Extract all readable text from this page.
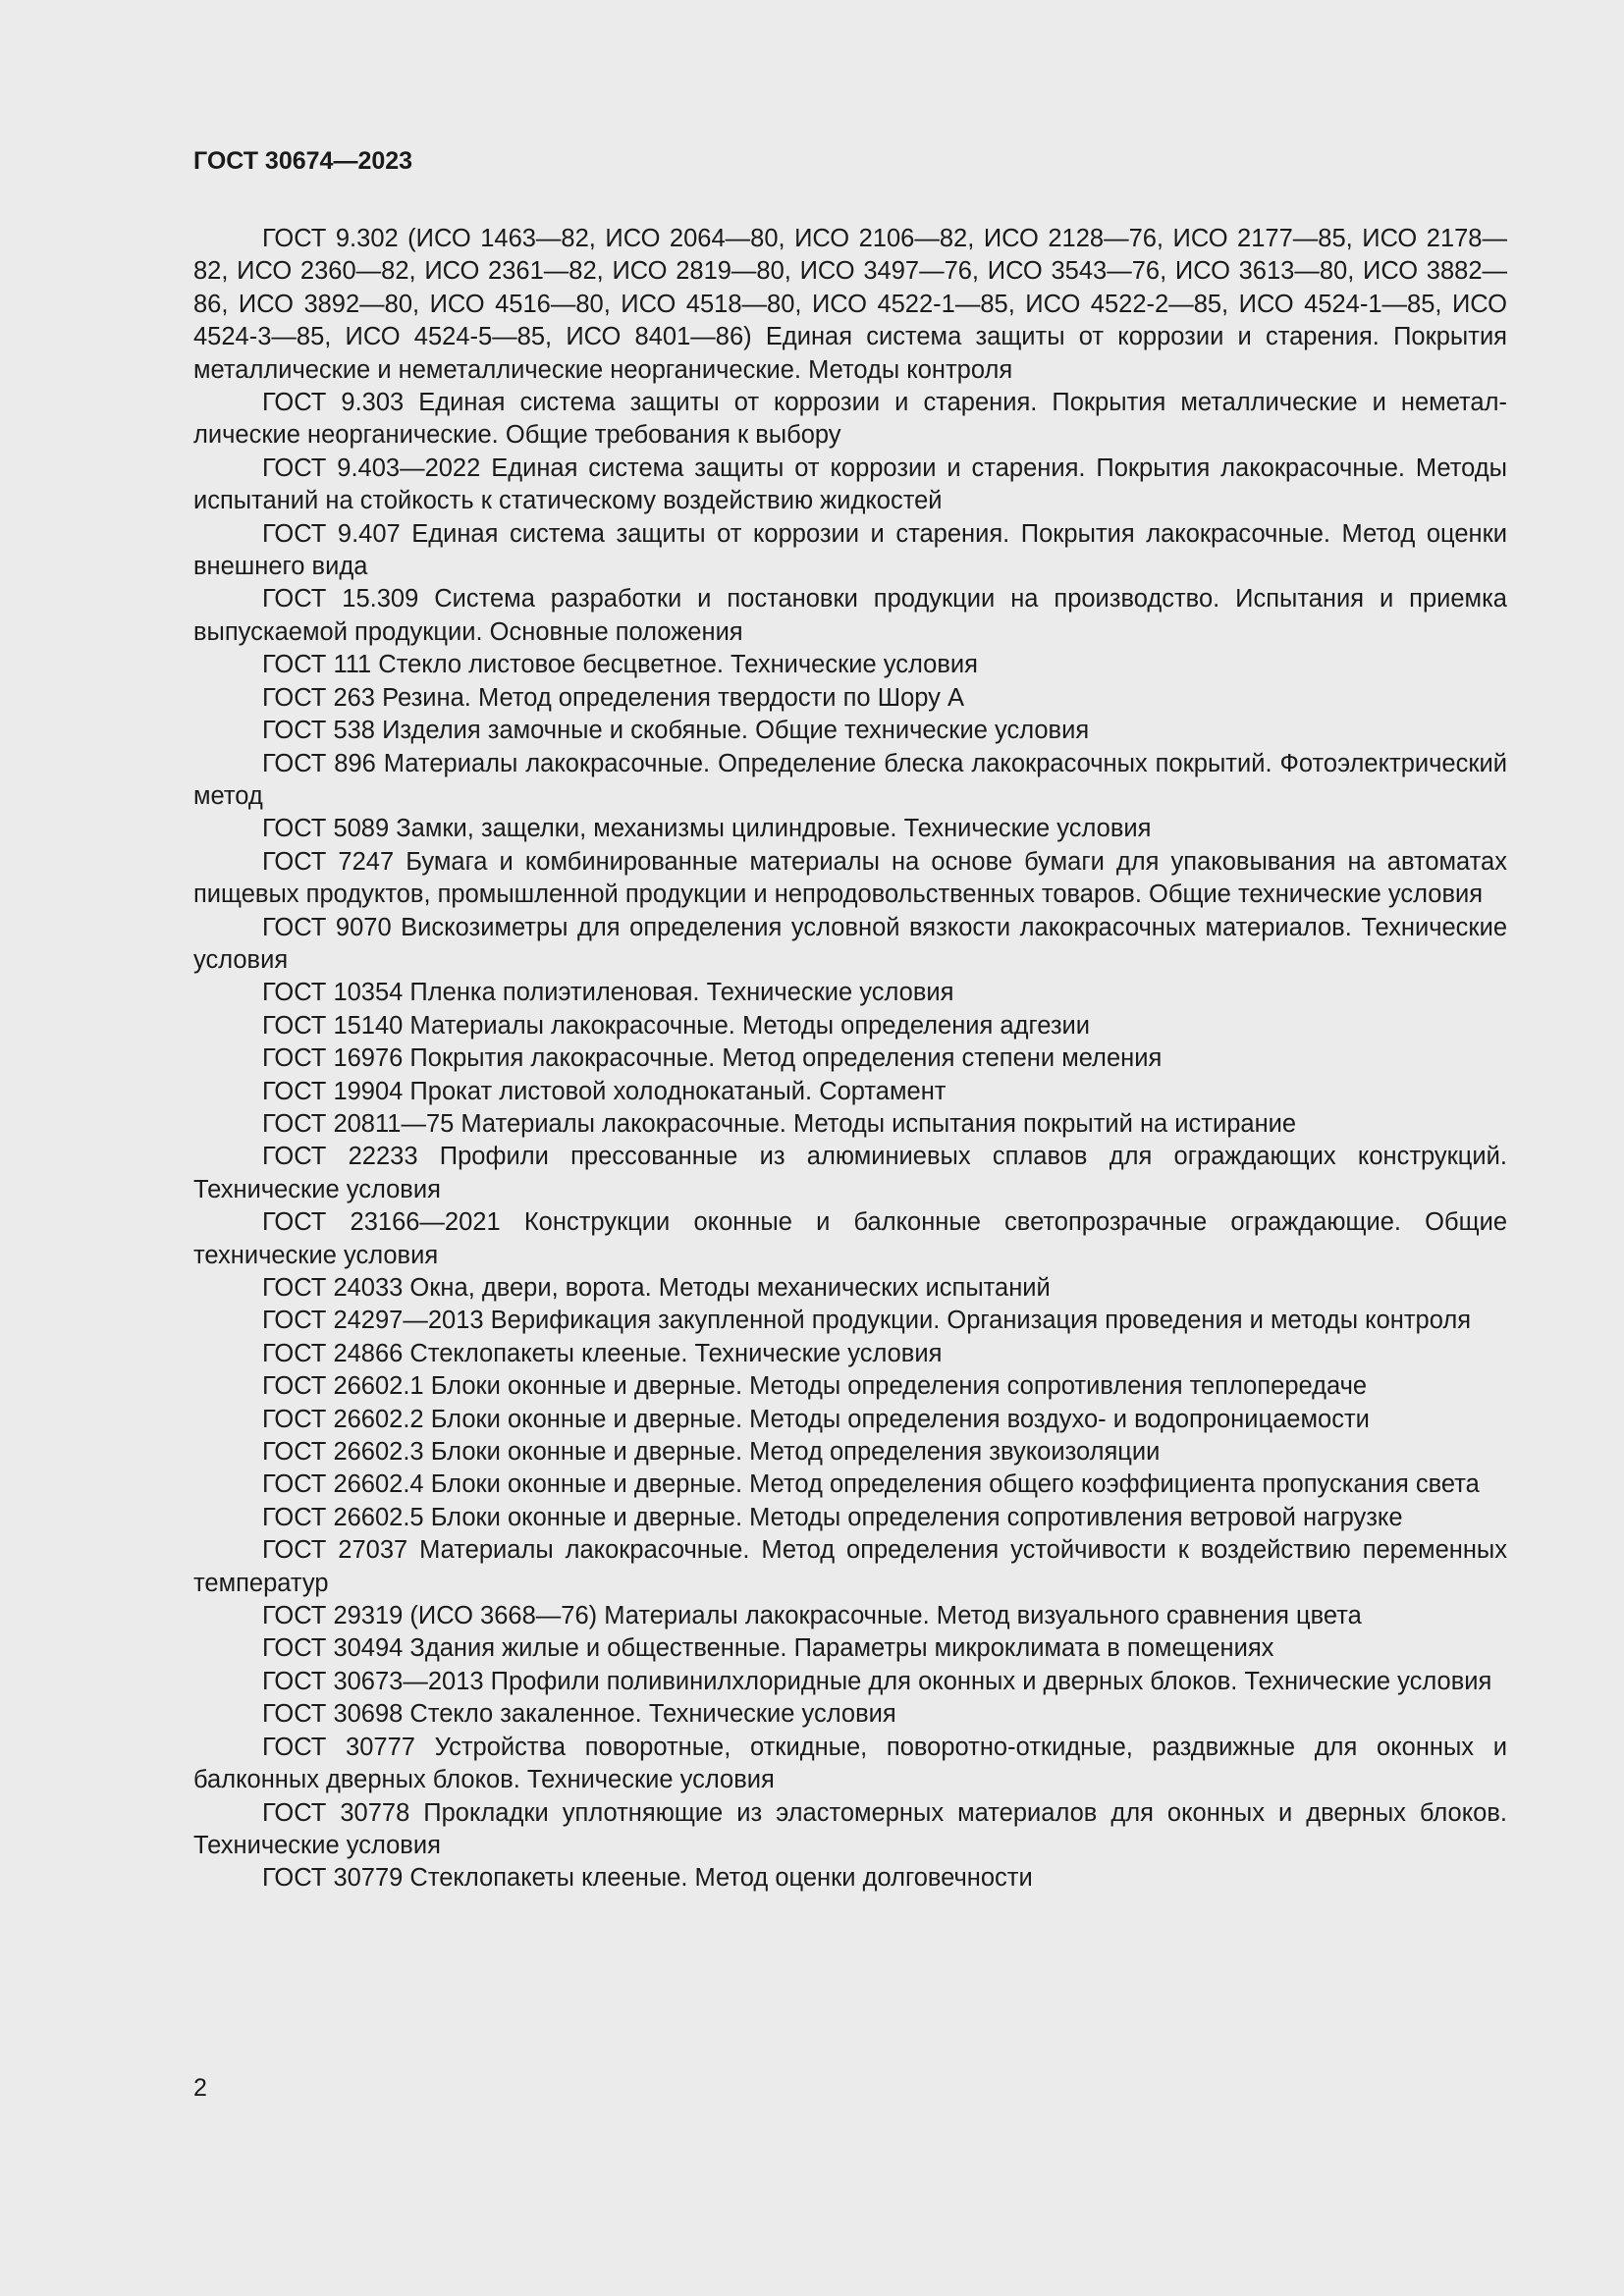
ГОСТ 30674—2023

ГОСТ 9.302 (ИСО 1463—82, ИСО 2064—80, ИСО 2106—82, ИСО 2128—76, ИСО 2177—85, ИСО 2178—82, ИСО 2360—82, ИСО 2361—82, ИСО 2819—80, ИСО 3497—76, ИСО 3543—76, ИСО 3613—80, ИСО 3882—86, ИСО 3892—80, ИСО 4516—80, ИСО 4518—80, ИСО 4522-1—85, ИСО 4522-2—85, ИСО 4524-1—85, ИСО 4524-3—85, ИСО 4524-5—85, ИСО 8401—86) Единая система защиты от коррозии и старения. Покрытия металлические и неметаллические неорганические. Методы контроля

ГОСТ 9.303 Единая система защиты от коррозии и старения. Покрытия металлические и неметаллические неорганические. Общие требования к выбору

ГОСТ 9.403—2022 Единая система защиты от коррозии и старения. Покрытия лакокрасочные. Методы испытаний на стойкость к статическому воздействию жидкостей

ГОСТ 9.407 Единая система защиты от коррозии и старения. Покрытия лакокрасочные. Метод оценки внешнего вида

ГОСТ 15.309 Система разработки и постановки продукции на производство. Испытания и приемка выпускаемой продукции. Основные положения

ГОСТ 111 Стекло листовое бесцветное. Технические условия

ГОСТ 263 Резина. Метод определения твердости по Шору А

ГОСТ 538 Изделия замочные и скобяные. Общие технические условия

ГОСТ 896 Материалы лакокрасочные. Определение блеска лакокрасочных покрытий. Фотоэлектрический метод

ГОСТ 5089 Замки, защелки, механизмы цилиндровые. Технические условия

ГОСТ 7247 Бумага и комбинированные материалы на основе бумаги для упаковывания на автоматах пищевых продуктов, промышленной продукции и непродовольственных товаров. Общие технические условия

ГОСТ 9070 Вискозиметры для определения условной вязкости лакокрасочных материалов. Технические условия

ГОСТ 10354 Пленка полиэтиленовая. Технические условия

ГОСТ 15140 Материалы лакокрасочные. Методы определения адгезии

ГОСТ 16976 Покрытия лакокрасочные. Метод определения степени меления

ГОСТ 19904 Прокат листовой холоднокатаный. Сортамент

ГОСТ 20811—75 Материалы лакокрасочные. Методы испытания покрытий на истирание

ГОСТ 22233 Профили прессованные из алюминиевых сплавов для ограждающих конструкций. Технические условия

ГОСТ 23166—2021 Конструкции оконные и балконные светопрозрачные ограждающие. Общие технические условия

ГОСТ 24033 Окна, двери, ворота. Методы механических испытаний

ГОСТ 24297—2013 Верификация закупленной продукции. Организация проведения и методы контроля

ГОСТ 24866 Стеклопакеты клееные. Технические условия

ГОСТ 26602.1 Блоки оконные и дверные. Методы определения сопротивления теплопередаче

ГОСТ 26602.2 Блоки оконные и дверные. Методы определения воздухо- и водопроницаемости

ГОСТ 26602.3 Блоки оконные и дверные. Метод определения звукоизоляции

ГОСТ 26602.4 Блоки оконные и дверные. Метод определения общего коэффициента пропускания света

ГОСТ 26602.5 Блоки оконные и дверные. Методы определения сопротивления ветровой нагрузке

ГОСТ 27037 Материалы лакокрасочные. Метод определения устойчивости к воздействию переменных температур

ГОСТ 29319 (ИСО 3668—76) Материалы лакокрасочные. Метод визуального сравнения цвета

ГОСТ 30494 Здания жилые и общественные. Параметры микроклимата в помещениях

ГОСТ 30673—2013 Профили поливинилхлоридные для оконных и дверных блоков. Технические условия

ГОСТ 30698 Стекло закаленное. Технические условия

ГОСТ 30777 Устройства поворотные, откидные, поворотно-откидные, раздвижные для оконных и балконных дверных блоков. Технические условия

ГОСТ 30778 Прокладки уплотняющие из эластомерных материалов для оконных и дверных блоков. Технические условия

ГОСТ 30779 Стеклопакеты клееные. Метод оценки долговечности

2
